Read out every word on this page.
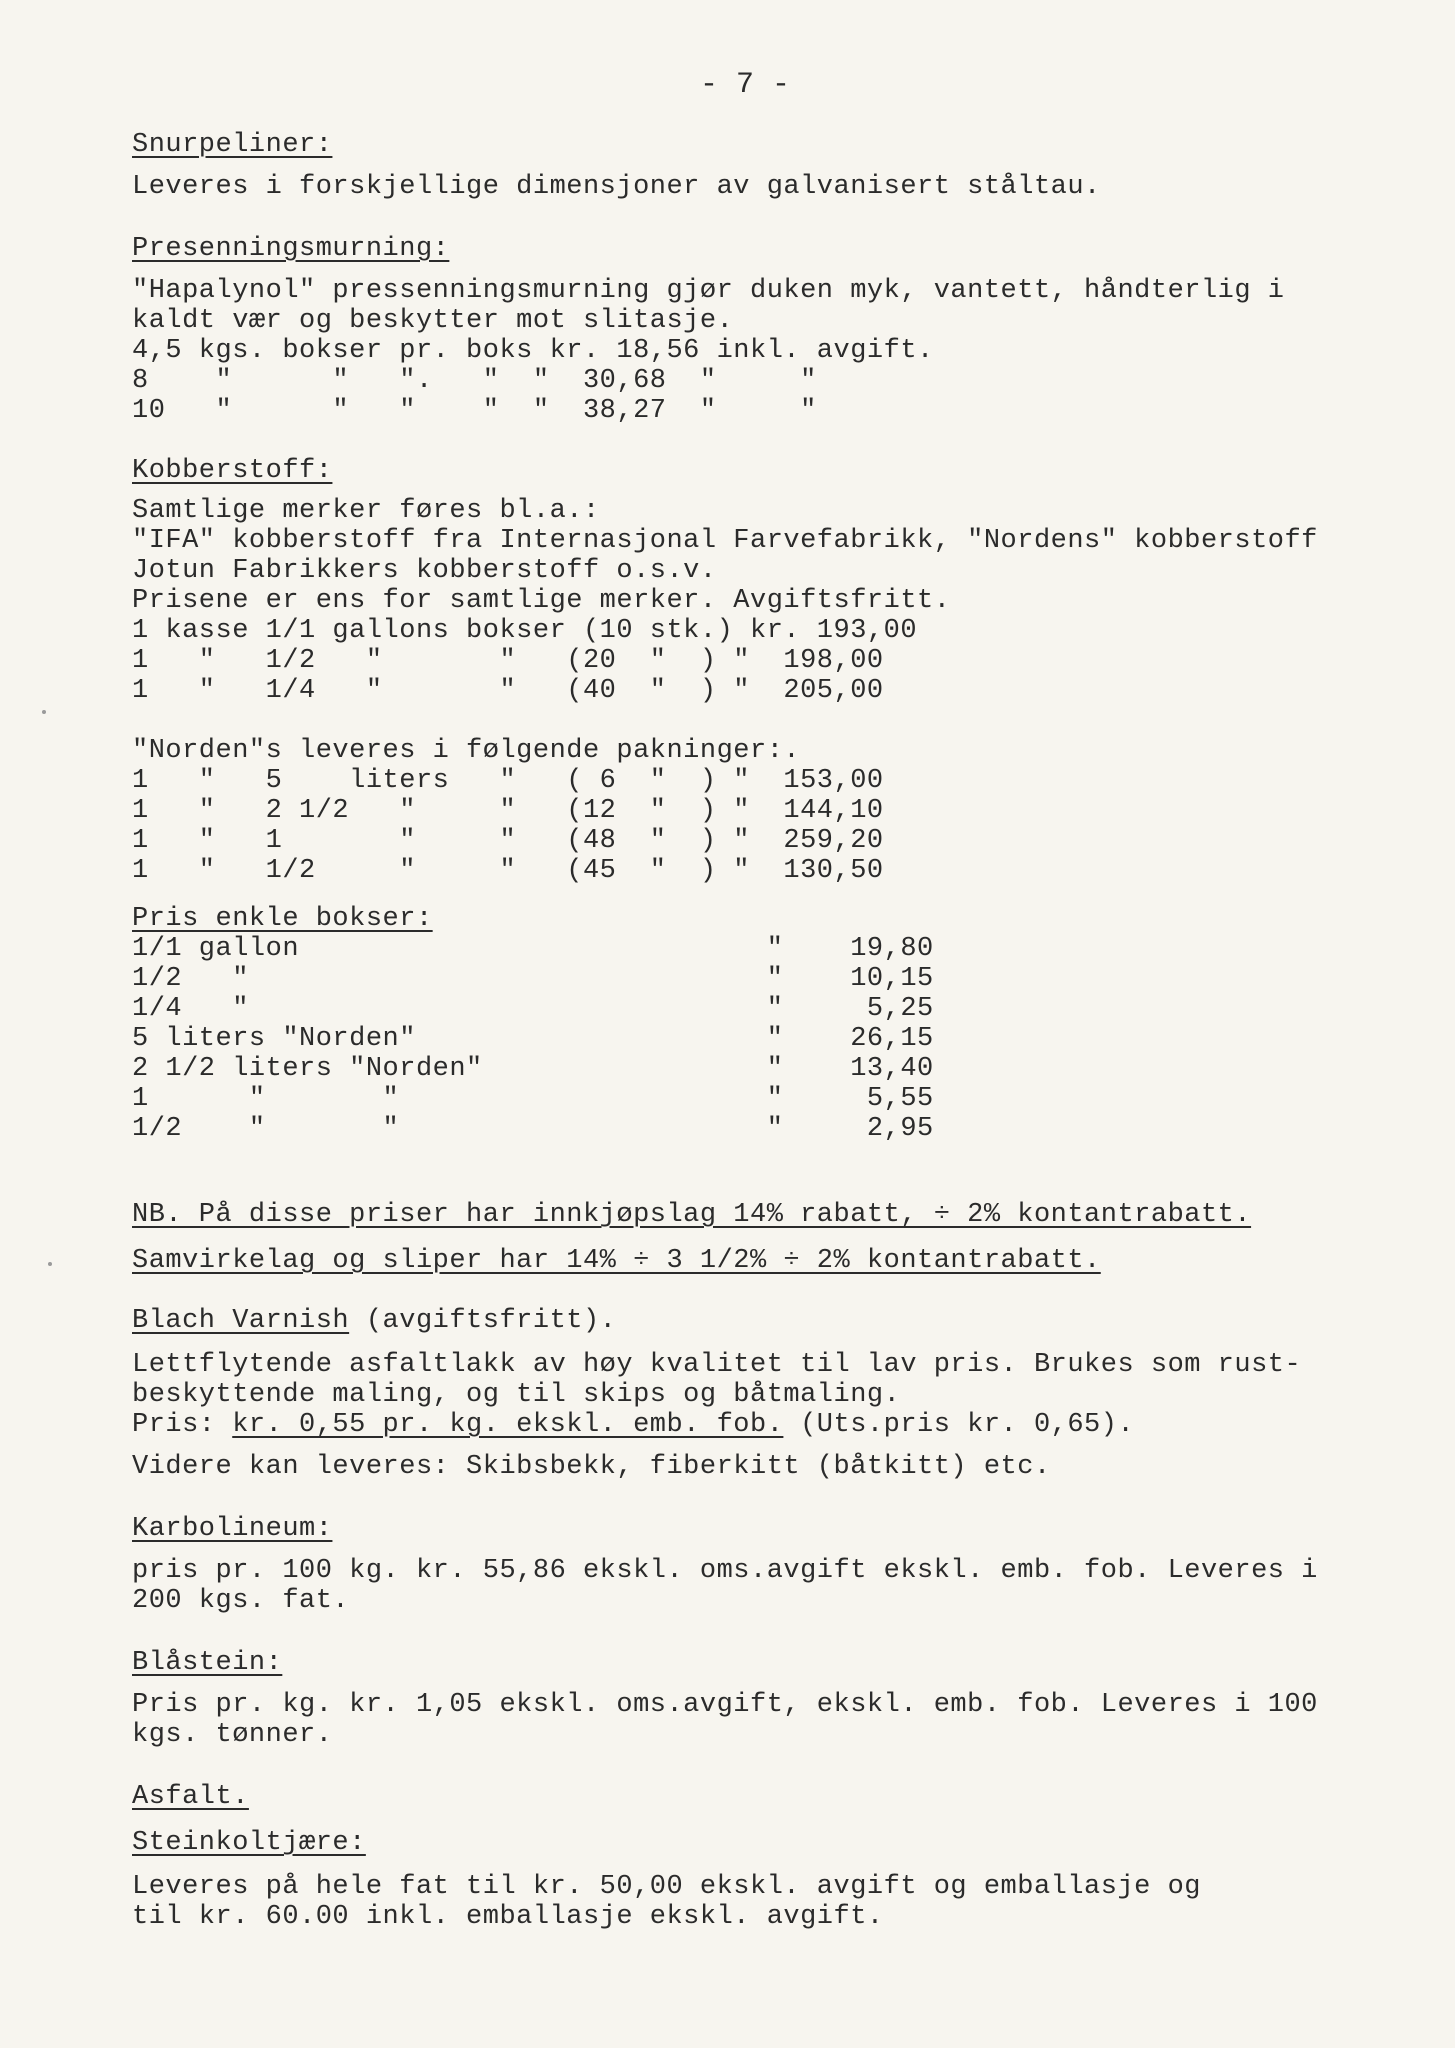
- 7 -
Snurpeliner:
Leveres i forskjellige dimensjoner av galvanisert ståltau.
Presenningsmurning:
"Hapalynol" pressenningsmurning gjør duken myk, vantett, håndterlig i
kaldt vær og beskytter mot slitasje.
4,5 kgs. bokser pr. boks kr. 18,56 inkl. avgift.
8    "      "   ".   "  "  30,68  "     "
10   "      "   "    "  "  38,27  "     "
Kobberstoff:
Samtlige merker føres bl.a.:
"IFA" kobberstoff fra Internasjonal Farvefabrikk, "Nordens" kobberstoff
Jotun Fabrikkers kobberstoff o.s.v.
Prisene er ens for samtlige merker. Avgiftsfritt.
1 kasse 1/1 gallons bokser (10 stk.) kr. 193,00
1   "   1/2   "       "   (20  "  ) "  198,00
1   "   1/4   "       "   (40  "  ) "  205,00
"Norden"s leveres i følgende pakninger:.
1   "   5    liters   "   ( 6  "  ) "  153,00
1   "   2 1/2   "     "   (12  "  ) "  144,10
1   "   1       "     "   (48  "  ) "  259,20
1   "   1/2     "     "   (45  "  ) "  130,50
Pris enkle bokser:
1/1 gallon                            "    19,80
1/2   "                               "    10,15
1/4   "                               "     5,25
5 liters "Norden"                     "    26,15
2 1/2 liters "Norden"                 "    13,40
1      "       "                      "     5,55
1/2    "       "                      "     2,95
NB. På disse priser har innkjøpslag 14% rabatt, ÷ 2% kontantrabatt.
Samvirkelag og sliper har 14% ÷ 3 1/2% ÷ 2% kontantrabatt.
Blach Varnish (avgiftsfritt).
Lettflytende asfaltlakk av høy kvalitet til lav pris. Brukes som rust-
beskyttende maling, og til skips og båtmaling.
Pris: kr. 0,55 pr. kg. ekskl. emb. fob. (Uts.pris kr. 0,65).
Videre kan leveres: Skibsbekk, fiberkitt (båtkitt) etc.
Karbolineum:
pris pr. 100 kg. kr. 55,86 ekskl. oms.avgift ekskl. emb. fob. Leveres i
200 kgs. fat.
Blåstein:
Pris pr. kg. kr. 1,05 ekskl. oms.avgift, ekskl. emb. fob. Leveres i 100
kgs. tønner.
Asfalt.
Steinkoltjære:
Leveres på hele fat til kr. 50,00 ekskl. avgift og emballasje og
til kr. 60.00 inkl. emballasje ekskl. avgift.
